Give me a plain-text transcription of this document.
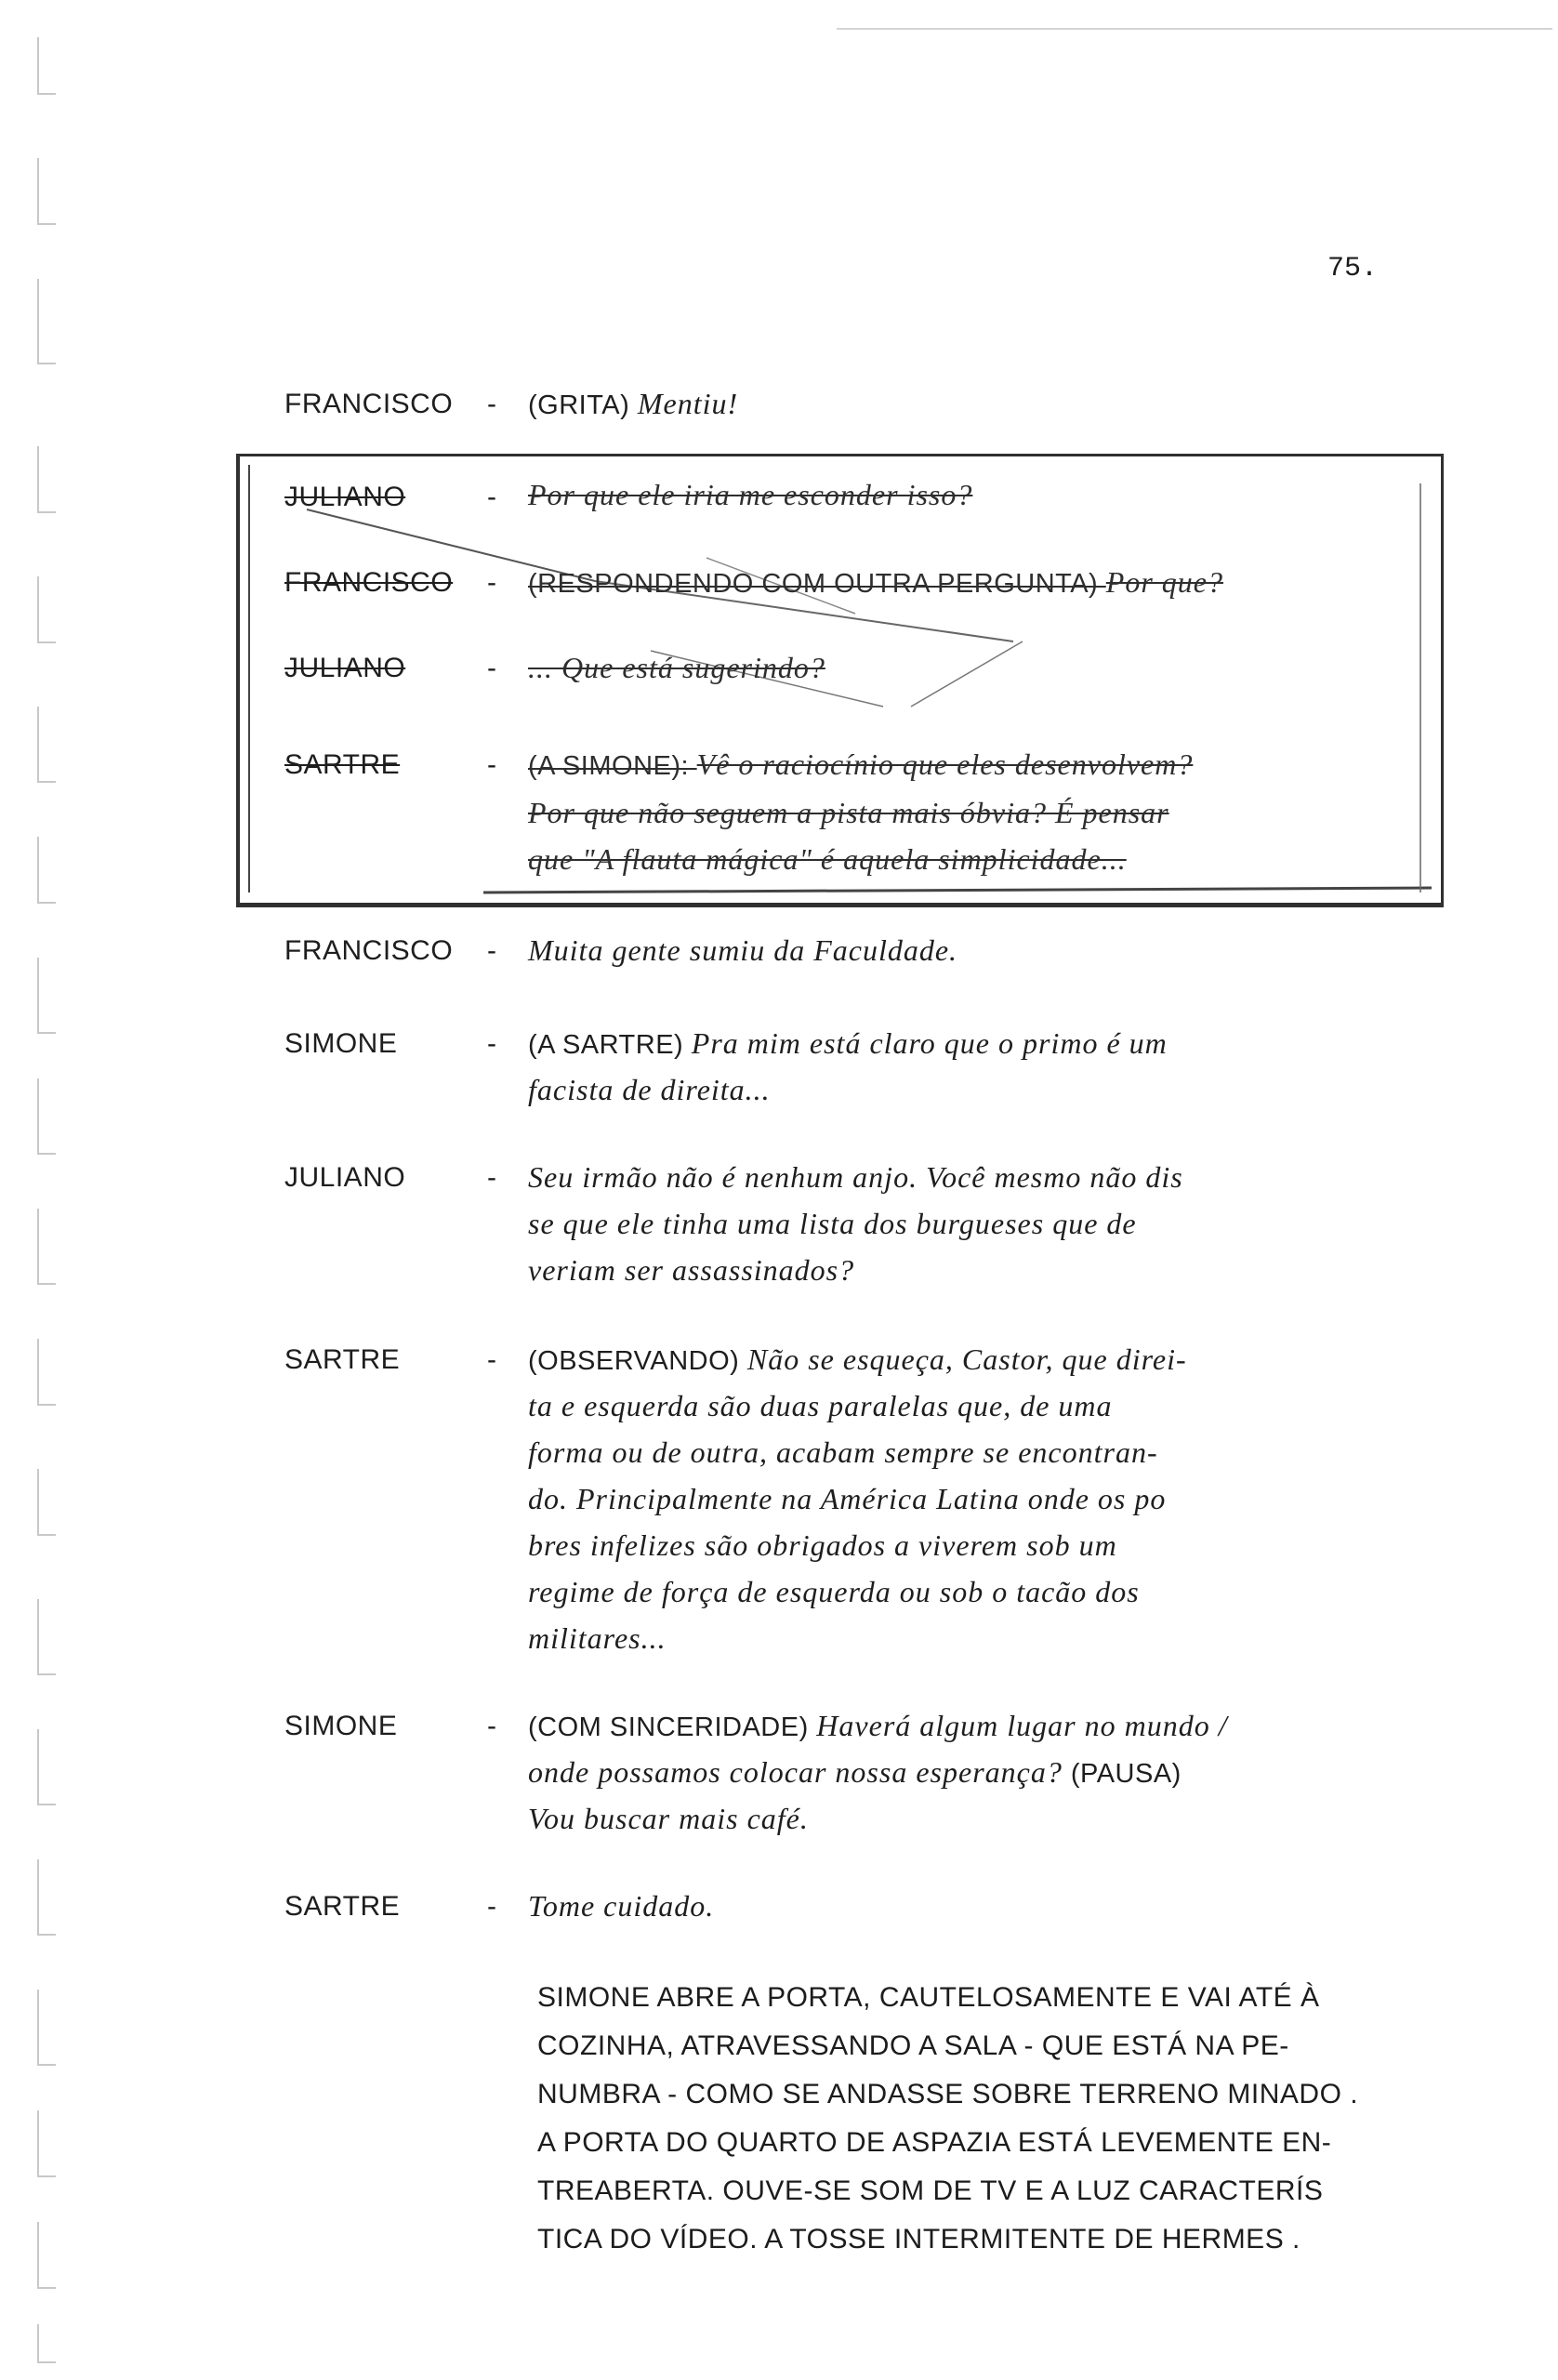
75.
FRANCISCO	- (GRITA) Mentiu!
JULIANO	- Por que ele iria me esconder isso?
FRANCISCO	- (RESPONDENDO COM OUTRA PERGUNTA) Por que?
JULIANO	- ... Que está sugerindo?
SARTRE	- (A SIMONE): Vê o raciocínio que eles desenvolvem?
Por que não seguem a pista mais óbvia? É pensar
que "A flauta mágica" é aquela simplicidade...
FRANCISCO	- Muita gente sumiu da Faculdade.
SIMONE	- (A SARTRE) Pra mim está claro que o primo é um
facista de direita...
JULIANO	- Seu irmão não é nenhum anjo. Você mesmo não dis
se que ele tinha uma lista dos burgueses que de
veriam ser assassinados?
SARTRE	- (OBSERVANDO) Não se esqueça, Castor, que direi-
ta e esquerda são duas paralelas que, de uma
forma ou de outra, acabam sempre se encontran-
do. Principalmente na América Latina onde os po
bres infelizes são obrigados a viverem sob um
regime de força de esquerda ou sob o tacão dos
militares...
SIMONE	- (COM SINCERIDADE) Haverá algum lugar no mundo /
onde possamos colocar nossa esperança? (PAUSA)
Vou buscar mais café.
SARTRE	- Tome cuidado.
SIMONE ABRE A PORTA, CAUTELOSAMENTE E VAI ATÉ À
COZINHA, ATRAVESSANDO A SALA - QUE ESTÁ NA PE-
NUMBRA - COMO SE ANDASSE SOBRE TERRENO MINADO .
A PORTA DO QUARTO DE ASPAZIA ESTÁ LEVEMENTE EN-
TREABERTA. OUVE-SE SOM DE TV E A LUZ CARACTERÍS
TICA DO VÍDEO. A TOSSE INTERMITENTE DE HERMES .
